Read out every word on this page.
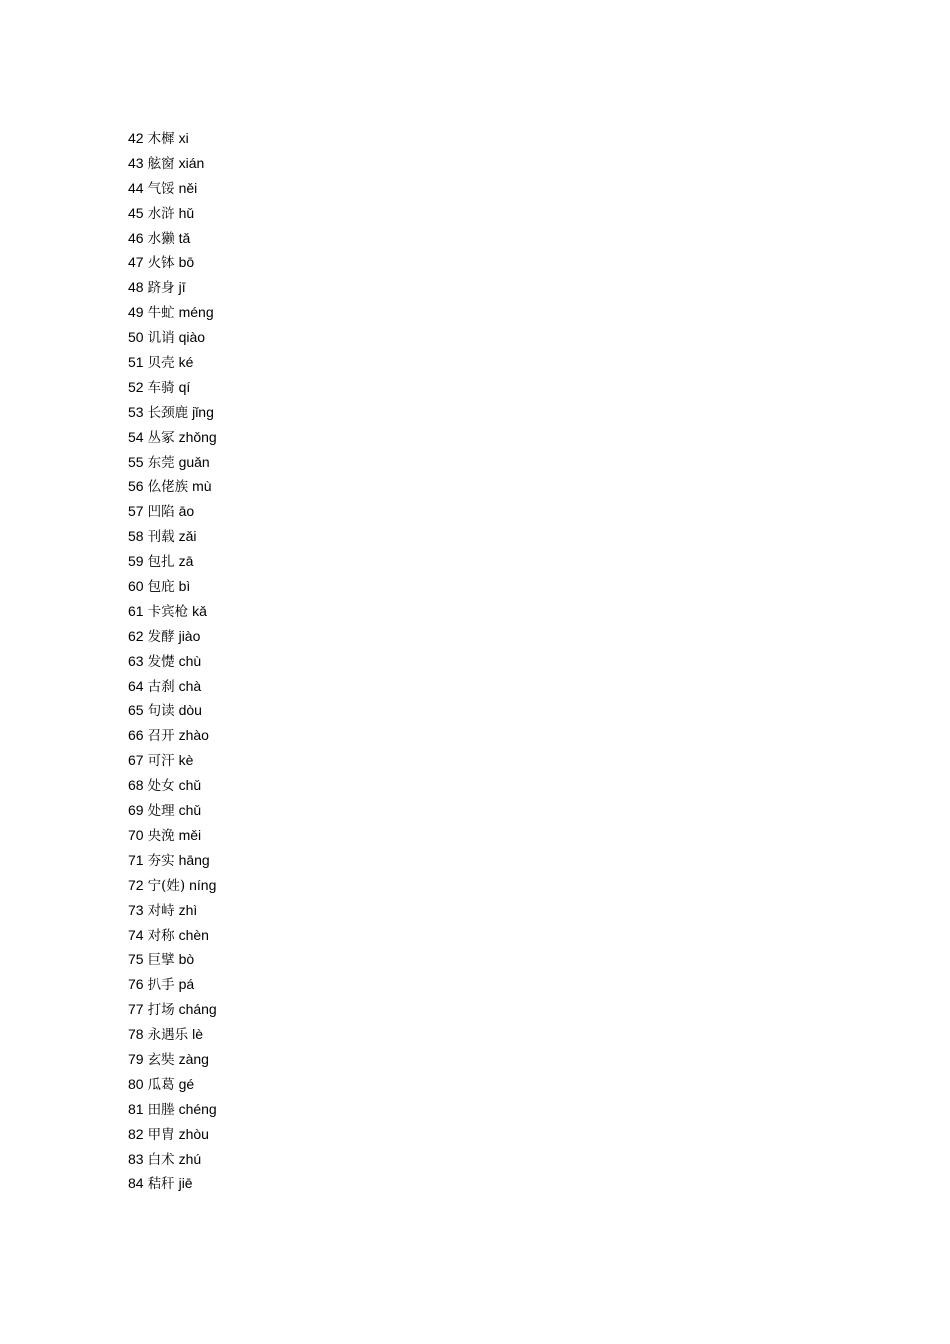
42 木樨 xi
43 舷窗 xián
44 气馁 něi
45 水浒 hǔ
46 水獭 tǎ
47 火钵 bō
48 跻身 jī
49 牛虻 méng
50 讥诮 qiào
51 贝壳 ké
52 车骑 qí
53 长颈鹿 jǐng
54 丛冢 zhǒng
55 东莞 guǎn
56 仫佬族 mù
57 凹陷 āo
58 刊载 zǎi
59 包扎 zā
60 包庇 bì
61 卡宾枪 kǎ
62 发酵 jiào
63 发憷 chù
64 古刹 chà
65 句读 dòu
66 召开 zhào
67 可汗 kè
68 处女 chǔ
69 处理 chǔ
70 央浼 měi
71 夯实 hāng
72 宁(姓) níng
73 对峙 zhì
74 对称 chèn
75 巨擘 bò
76 扒手 pá
77 打场 cháng
78 永遇乐 lè
79 玄奘 zàng
80 瓜葛 gé
81 田塍 chéng
82 甲胄 zhòu
83 白术 zhú
84 秸秆 jiē
